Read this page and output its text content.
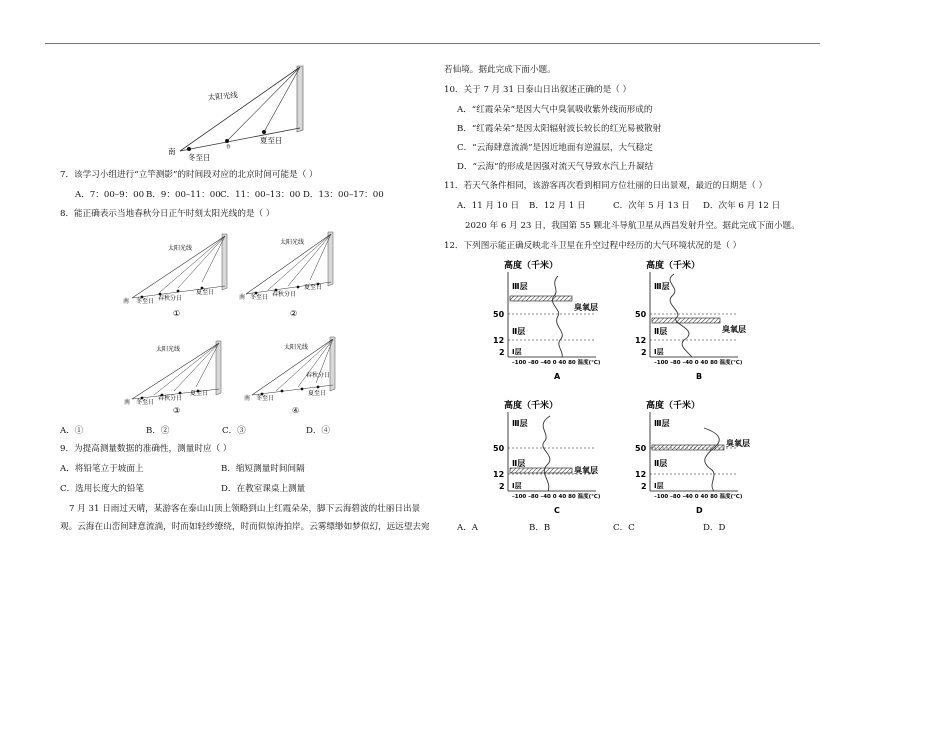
南
冬至日
春
夏至日
太阳光线
7．该学习小组进行“立竿测影”的时间段对应的北京时间可能是（ ）
A．7：00–9：00 B．9：00–11：00 C．11：00–13：00 D．13：00–17：00
8．能正确表示当地春秋分日正午时刻太阳光线的是（ ）
南 冬至日 春秋分日
夏至日
太阳光线
①
南 冬至日 春秋分日
夏至日
太阳光线
②
南 冬至日
春秋分日
夏至日
太阳光线
③
南 冬至日
春秋分日
夏至日
太阳光线
④
A．①	B．②	C．③	D．④
9．为提高测量数据的准确性，测量时应（ ）
A．将铅笔立于坡面上	B．缩短测量时间间隔
C．选用长度大的铅笔	D．在教室课桌上测量
7 月 31 日雨过天晴，某游客在泰山山顶上领略到山上红霞朵朵，脚下云海碧波的壮丽日出景
观。云海在山峦间肆意流淌，时而如轻纱缭绕，时而似惊涛拍岸。云雾缥缈如梦似幻，远远望去宛
若仙境。据此完成下面小题。
10．关于 7 月 31 日泰山日出叙述正确的是（ ）
A．“红霞朵朵”是因大气中臭氧吸收紫外线而形成的
B．“红霞朵朵”是因太阳辐射波长较长的红光易被散射
C．“云海肆意流淌”是因近地面有逆温层，大气稳定
D．“云海”的形成是因强对流天气导致水汽上升凝结
11．若天气条件相同，该游客再次看到相同方位壮丽的日出景观，最近的日期是（ ）
A．11 月 10 日 B．12 月 1 日	C．次年 5 月 13 日 D．次年 6 月 12 日
2020 年 6 月 23 日，我国第 55 颗北斗导航卫星从西昌发射升空。据此完成下面小题。
12．下列图示能正确反映北斗卫星在升空过程中经历的大气环境状况的是（ ）
高度（千米）
Ⅲ层
臭氧层
Ⅱ层
Ⅰ层
50
12
2
–100 –80 –40 0 40 80 温度(℃)
A
高度（千米）
Ⅲ层
臭氧层
Ⅱ层
Ⅰ层
50
12
2
–100 –80 –40 0 40 80 温度(℃)
B
高度（千米）
Ⅲ层
臭氧层
Ⅱ层
Ⅰ层
50
12
2
–100 –80 –40 0 40 80 温度(℃)
C
高度（千米）
Ⅲ层
臭氧层
Ⅱ层
Ⅰ层
50
12
2
–100 –80 –40 0 40 80 温度(℃)
D
A．A	B．B	C．C	D．D
